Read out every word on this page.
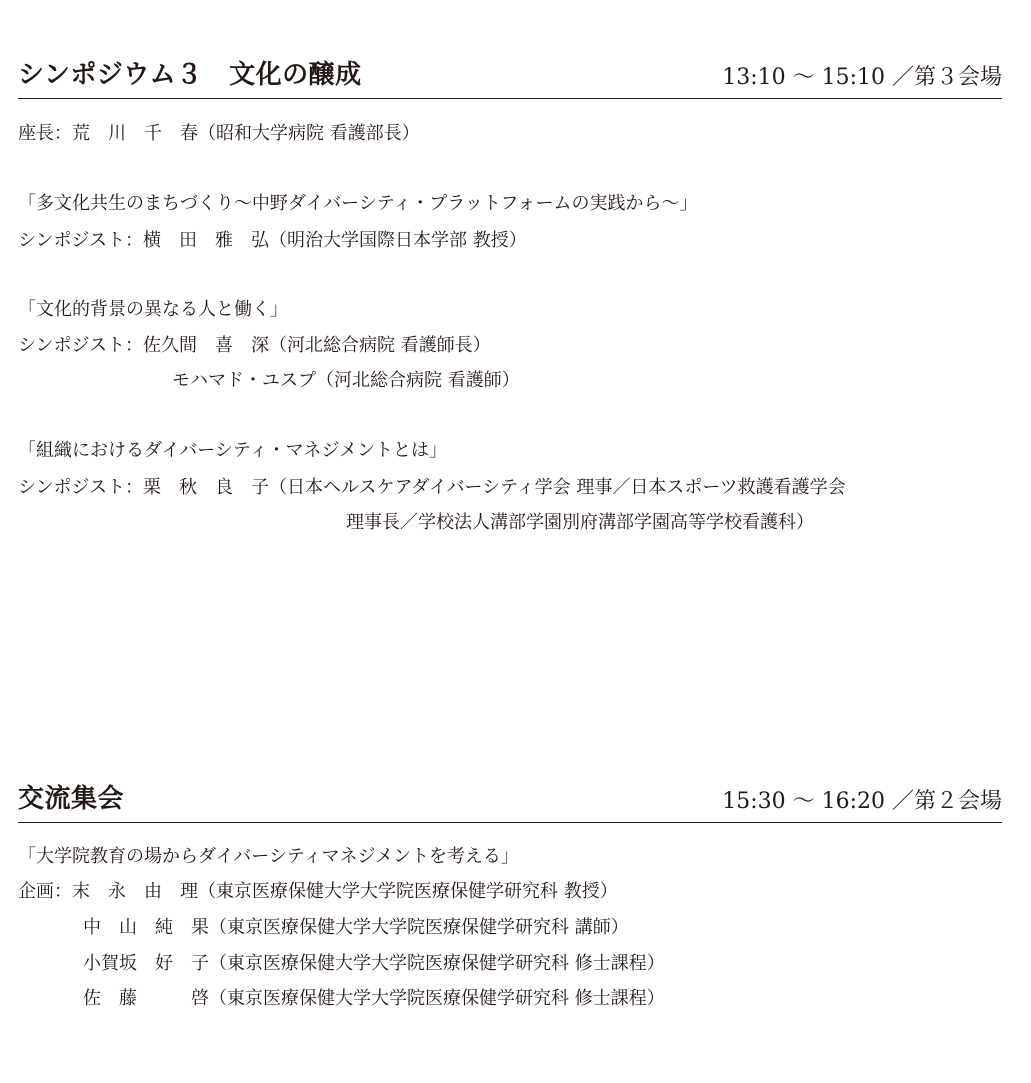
シンポジウム３　文化の醸成	13:10 〜 15:10 ／第３会場
座長：荒　川　千　春（昭和大学病院 看護部長）
「多文化共生のまちづくり〜中野ダイバーシティ・プラットフォームの実践から〜」
シンポジスト：横　田　雅　弘（明治大学国際日本学部 教授）
「文化的背景の異なる人と働く」
シンポジスト：佐久間　喜　深（河北総合病院 看護師長）
モハマド・ユスプ（河北総合病院 看護師）
「組織におけるダイバーシティ・マネジメントとは」
シンポジスト：栗　秋　良　子（日本ヘルスケアダイバーシティ学会 理事／日本スポーツ救護看護学会
理事長／学校法人溝部学園別府溝部学園高等学校看護科）
交流集会	15:30 〜 16:20 ／第２会場
「大学院教育の場からダイバーシティマネジメントを考える」
企画：末　永　由　理（東京医療保健大学大学院医療保健学研究科 教授）
中　山　純　果（東京医療保健大学大学院医療保健学研究科 講師）
小賀坂　好　子（東京医療保健大学大学院医療保健学研究科 修士課程）
佐　藤　　　啓（東京医療保健大学大学院医療保健学研究科 修士課程）
